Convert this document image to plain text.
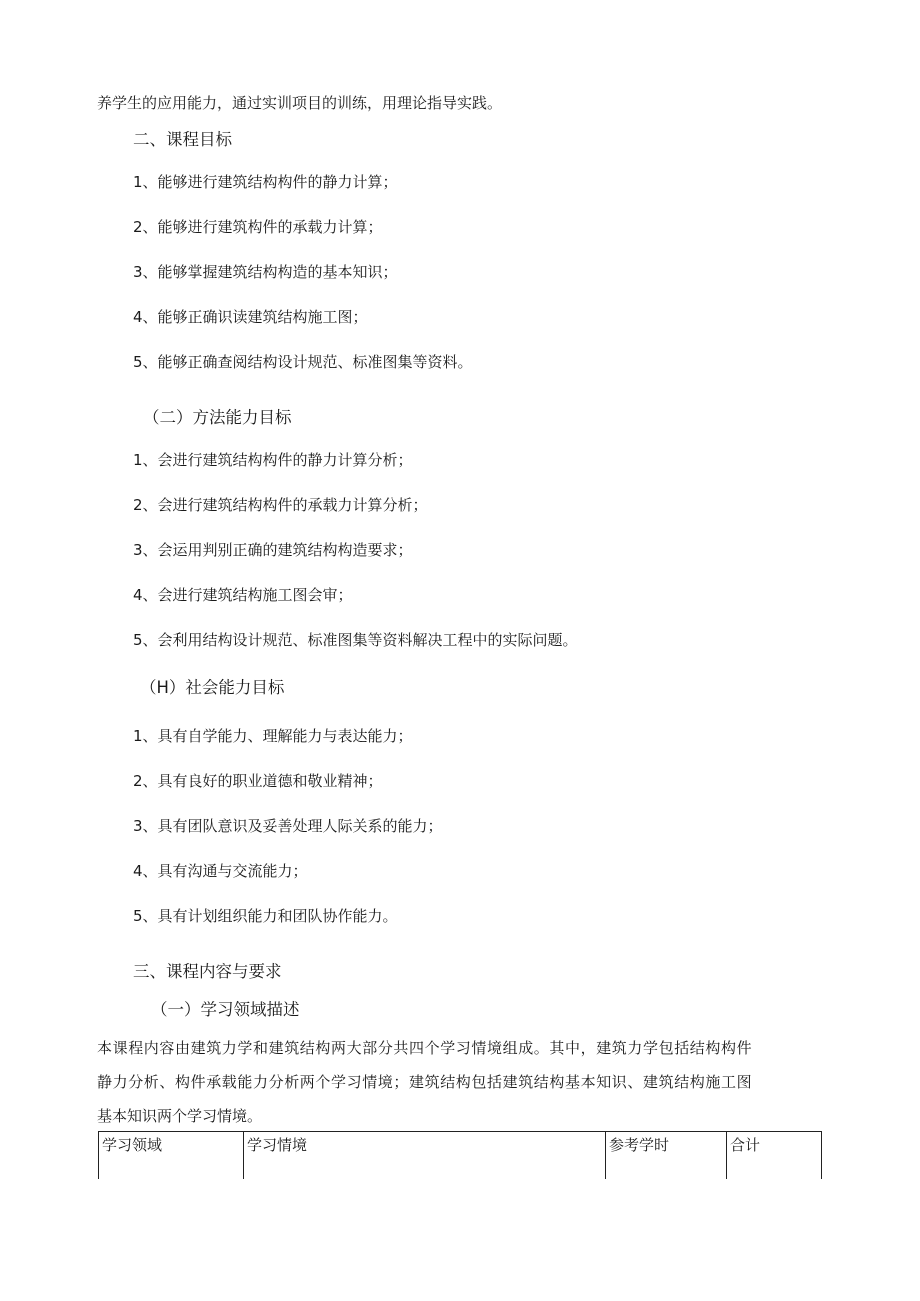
养学生的应用能力，通过实训项目的训练，用理论指导实践。
二、课程目标
1、能够进行建筑结构构件的静力计算；
2、能够进行建筑构件的承载力计算；
3、能够掌握建筑结构构造的基本知识；
4、能够正确识读建筑结构施工图；
5、能够正确查阅结构设计规范、标准图集等资料。
（二）方法能力目标
1、会进行建筑结构构件的静力计算分析；
2、会进行建筑结构构件的承载力计算分析；
3、会运用判别正确的建筑结构构造要求；
4、会进行建筑结构施工图会审；
5、会利用结构设计规范、标准图集等资料解决工程中的实际问题。
（H）社会能力目标
1、具有自学能力、理解能力与表达能力；
2、具有良好的职业道德和敬业精神；
3、具有团队意识及妥善处理人际关系的能力；
4、具有沟通与交流能力；
5、具有计划组织能力和团队协作能力。
三、课程内容与要求
（一）学习领域描述
本课程内容由建筑力学和建筑结构两大部分共四个学习情境组成。其中，建筑力学包括结构构件
静力分析、构件承载能力分析两个学习情境；建筑结构包括建筑结构基本知识、建筑结构施工图
基本知识两个学习情境。
学习领域	学习情境	参考学时	合计
